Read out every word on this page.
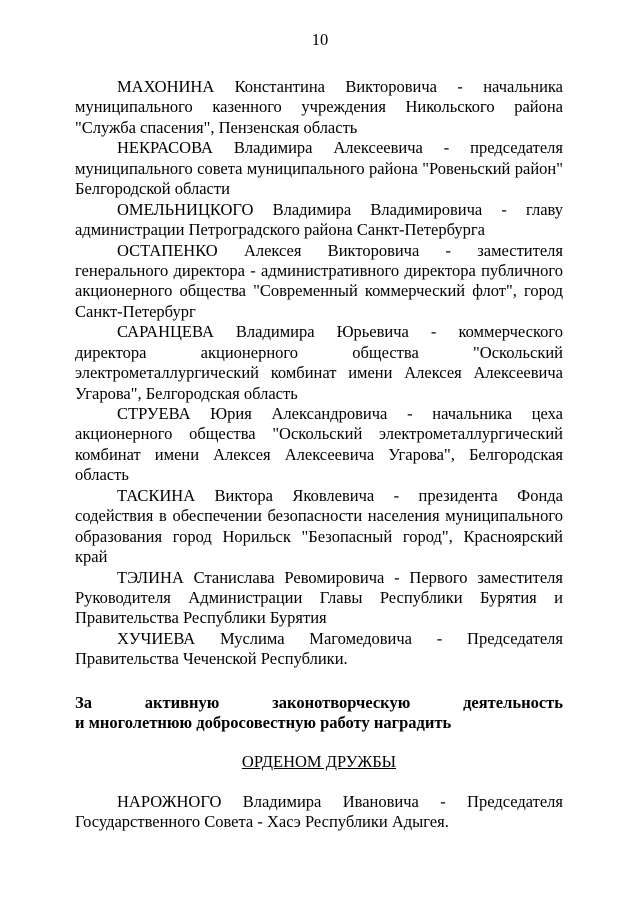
10

МАХОНИНА Константина Викторовича - начальника муниципального казенного учреждения Никольского района "Служба спасения", Пензенская область

НЕКРАСОВА Владимира Алексеевича - председателя муниципального совета муниципального района "Ровеньский район" Белгородской области

ОМЕЛЬНИЦКОГО Владимира Владимировича - главу администрации Петроградского района Санкт-Петербурга

ОСТАПЕНКО Алексея Викторовича - заместителя генерального директора - административного директора публичного акционерного общества "Современный коммерческий флот", город Санкт-Петербург

САРАНЦЕВА Владимира Юрьевича - коммерческого директора акционерного общества "Оскольский электрометаллургический комбинат имени Алексея Алексеевича Угарова", Белгородская область

СТРУЕВА Юрия Александровича - начальника цеха акционерного общества "Оскольский электрометаллургический комбинат имени Алексея Алексеевича Угарова", Белгородская область

ТАСКИНА Виктора Яковлевича - президента Фонда содействия в обеспечении безопасности населения муниципального образования город Норильск "Безопасный город", Красноярский край

ТЭЛИНА Станислава Ревомировича - Первого заместителя Руководителя Администрации Главы Республики Бурятия и Правительства Республики Бурятия

ХУЧИЕВА Муслима Магомедовича - Председателя Правительства Чеченской Республики.

За активную законотворческую деятельность

и многолетнюю добросовестную работу наградить

ОРДЕНОМ ДРУЖБЫ

НАРОЖНОГО Владимира Ивановича - Председателя Государственного Совета - Хасэ Республики Адыгея.
